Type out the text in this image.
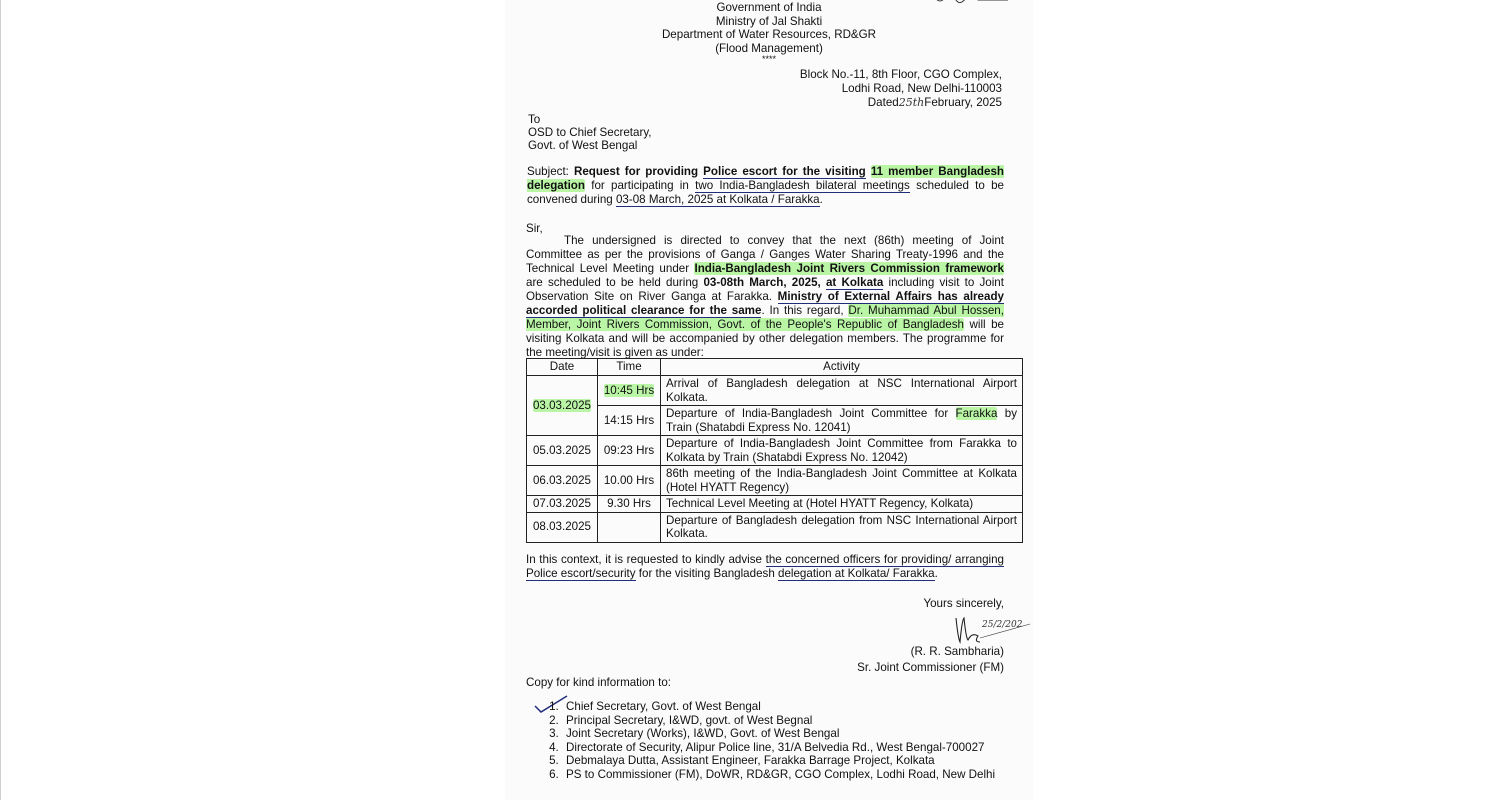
Government of India
Ministry of Jal Shakti
Department of Water Resources, RD&GR
(Flood Management)
****
Block No.-11, 8th Floor, CGO Complex,
Lodhi Road, New Delhi-110003
Dated25thFebruary, 2025
To
OSD to Chief Secretary,
Govt. of West Bengal
Subject: Request for providing Police escort for the visiting 11 member Bangladesh delegation for participating in two India-Bangladesh bilateral meetings scheduled to be convened during 03-08 March, 2025 at Kolkata / Farakka.
Sir,
The undersigned is directed to convey that the next (86th) meeting of Joint Committee as per the provisions of Ganga / Ganges Water Sharing Treaty-1996 and the Technical Level Meeting under India-Bangladesh Joint Rivers Commission framework are scheduled to be held during 03-08th March, 2025, at Kolkata including visit to Joint Observation Site on River Ganga at Farakka. Ministry of External Affairs has already accorded political clearance for the same. In this regard, Dr. Muhammad Abul Hossen, Member, Joint Rivers Commission, Govt. of the People's Republic of Bangladesh will be visiting Kolkata and will be accompanied by other delegation members. The programme for the meeting/visit is given as under:
Date	Time	Activity
03.03.2025	10:45 Hrs	Arrival of Bangladesh delegation at NSC International Airport Kolkata.
	14:15 Hrs	Departure of India-Bangladesh Joint Committee for Farakka by Train (Shatabdi Express No. 12041)
05.03.2025	09:23 Hrs	Departure of India-Bangladesh Joint Committee from Farakka to Kolkata by Train (Shatabdi Express No. 12042)
06.03.2025	10.00 Hrs	86th meeting of the India-Bangladesh Joint Committee at Kolkata (Hotel HYATT Regency)
07.03.2025	9.30 Hrs	Technical Level Meeting at (Hotel HYATT Regency, Kolkata)
08.03.2025		Departure of Bangladesh delegation from NSC International Airport Kolkata.
In this context, it is requested to kindly advise the concerned officers for providing/ arranging Police escort/security for the visiting Bangladesh delegation at Kolkata/ Farakka.
Yours sincerely,
25/2/202
(R. R. Sambharia)
Sr. Joint Commissioner (FM)
Copy for kind information to:
1. Chief Secretary, Govt. of West Bengal
2. Principal Secretary, I&WD, govt. of West Begnal
3. Joint Secretary (Works), I&WD, Govt. of West Bengal
4. Directorate of Security, Alipur Police line, 31/A Belvedia Rd., West Bengal-700027
5. Debmalaya Dutta, Assistant Engineer, Farakka Barrage Project, Kolkata
6. PS to Commissioner (FM), DoWR, RD&GR, CGO Complex, Lodhi Road, New Delhi
